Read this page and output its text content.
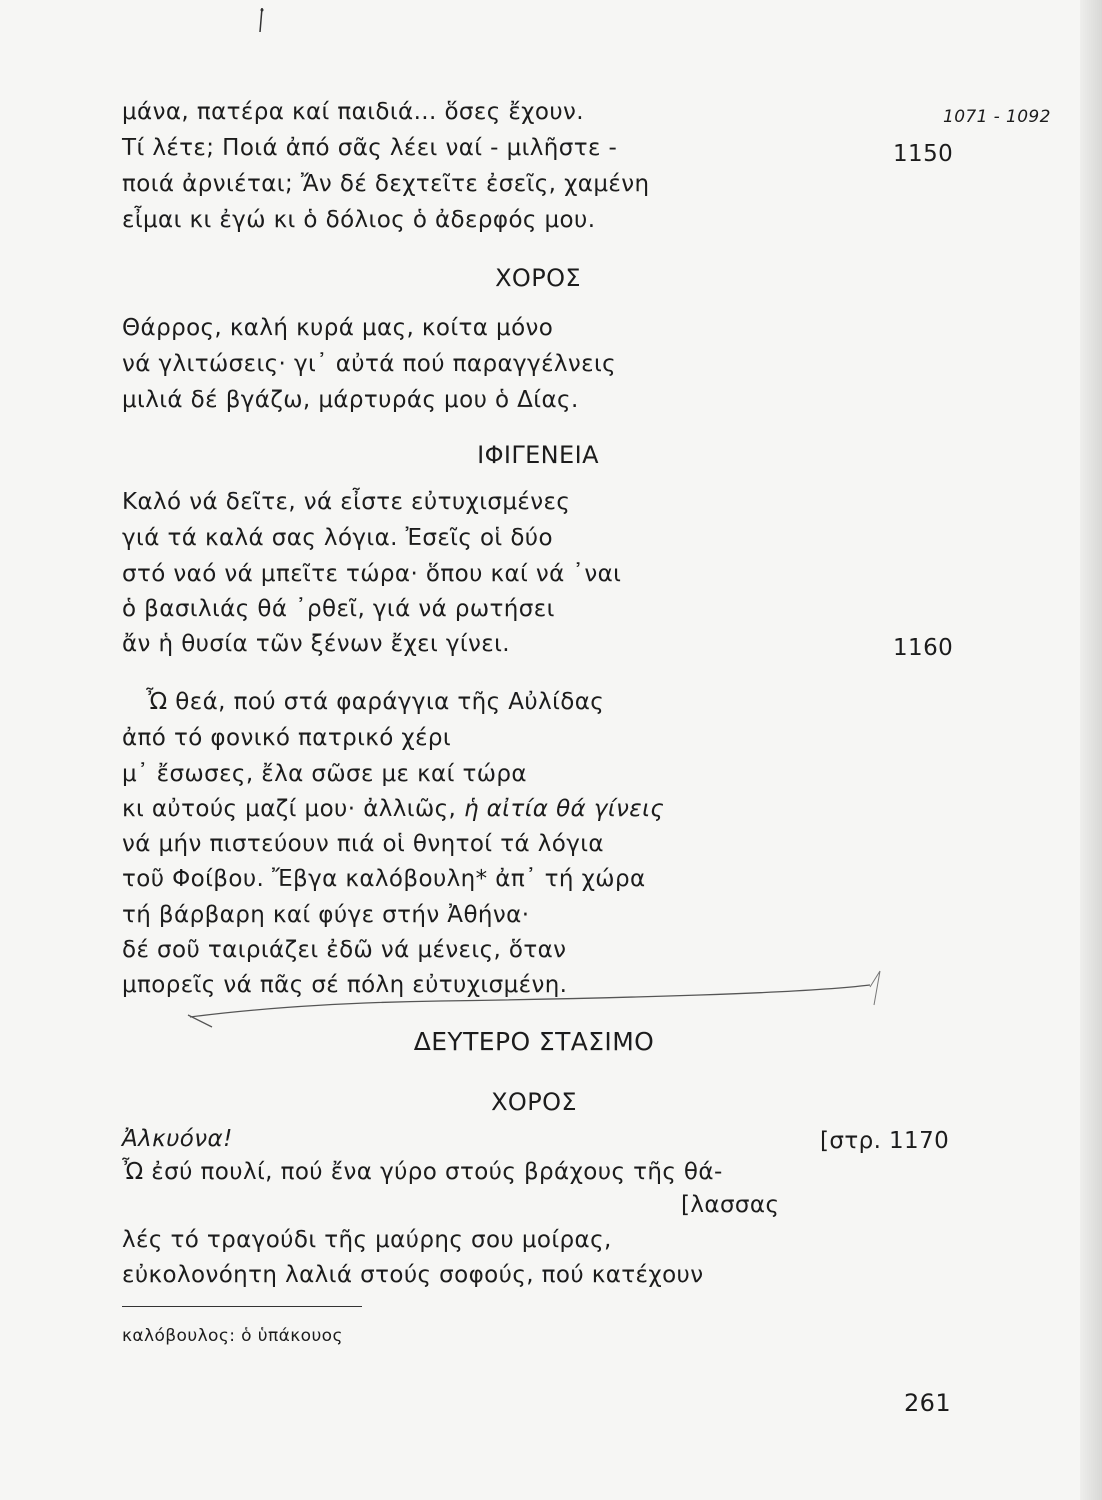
1071 - 1092
μάνα, πατέρα καί παιδιά... ὅσες ἔχουν.
Τί λέτε; Ποιά ἀπό σᾶς λέει ναί - μιλῆστε -
ποιά ἀρνιέται; Ἄν δέ δεχτεῖτε ἐσεῖς, χαμένη
εἶμαι κι ἐγώ κι ὁ δόλιος ὁ ἀδερφός μου.
1150
ΧΟΡΟΣ
Θάρρος, καλή κυρά μας, κοίτα μόνο
νά γλιτώσεις· γι᾽ αὐτά πού παραγγέλνεις
μιλιά δέ βγάζω, μάρτυράς μου ὁ Δίας.
ΙΦΙΓΕΝΕΙΑ
Καλό νά δεῖτε, νά εἶστε εὐτυχισμένες
γιά τά καλά σας λόγια. Ἐσεῖς οἱ δύο
στό ναό νά μπεῖτε τώρα· ὅπου καί νά ᾽ναι
ὁ βασιλιάς θά ᾽ρθεῖ, γιά νά ρωτήσει
ἄν ἡ θυσία τῶν ξένων ἔχει γίνει.	1160
Ὦ θεά, πού στά φαράγγια τῆς Αὐλίδας
ἀπό τό φονικό πατρικό χέρι
μ᾽ ἔσωσες, ἔλα σῶσε με καί τώρα
κι αὐτούς μαζί μου· ἀλλιῶς, ἡ αἰτία θά γίνεις
νά μήν πιστεύουν πιά οἱ θνητοί τά λόγια
τοῦ Φοίβου. Ἔβγα καλόβουλη* ἀπ᾽ τή χώρα
τή βάρβαρη καί φύγε στήν Ἀθήνα·
δέ σοῦ ταιριάζει ἐδῶ νά μένεις, ὅταν
μπορεῖς νά πᾶς σέ πόλη εὐτυχισμένη.
ΔΕΥΤΕΡΟ ΣΤΑΣΙΜΟ
ΧΟΡΟΣ
Ἀλκυόνα!	[στρ. 1170
Ὦ ἐσύ πουλί, πού ἔνα γύρο στούς βράχους τῆς θά-
[λασσας
λές τό τραγούδι τῆς μαύρης σου μοίρας,
εὐκολονόητη λαλιά στούς σοφούς, πού κατέχουν
καλόβουλος: ὁ ὑπάκουος
261
